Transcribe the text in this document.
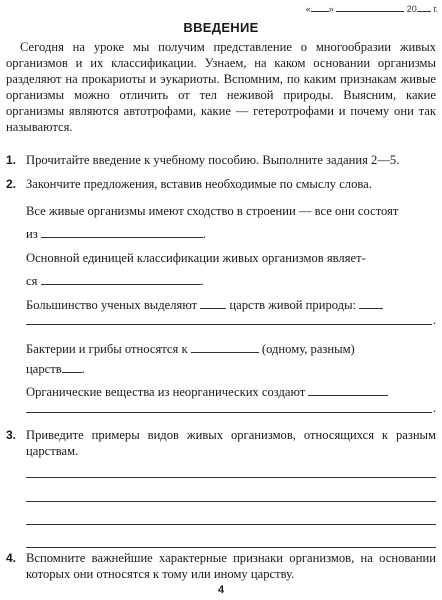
« »	20 г.
ВВЕДЕНИЕ

Сегодня на уроке мы получим представление о многообразии живых организмов и их классификации. Узнаем, на каком основании организмы разделяют на прокариоты и эукариоты. Вспомним, по каким признакам живые организмы можно отличить от тел неживой природы. Выясним, какие организмы являются автотрофами, какие — гетеротрофами и почему они так называются.

1. Прочитайте введение к учебному пособию. Выполните задания 2—5.
2. Закончите предложения, вставив необходимые по смыслу слова.
Все живые организмы имеют сходство в строении — все они состоят
из	.
Основной единицей классификации живых организмов являет-
ся	.
Большинство ученых выделяют	царств живой природы:
.
Бактерии и грибы относятся к	(одному, разным)
царств .
Органические вещества из неорганических создают
.
3. Приведите примеры видов живых организмов, относящихся к разным царствам.
4. Вспомните важнейшие характерные признаки организмов, на основании которых они относятся к тому или иному царству.
4
